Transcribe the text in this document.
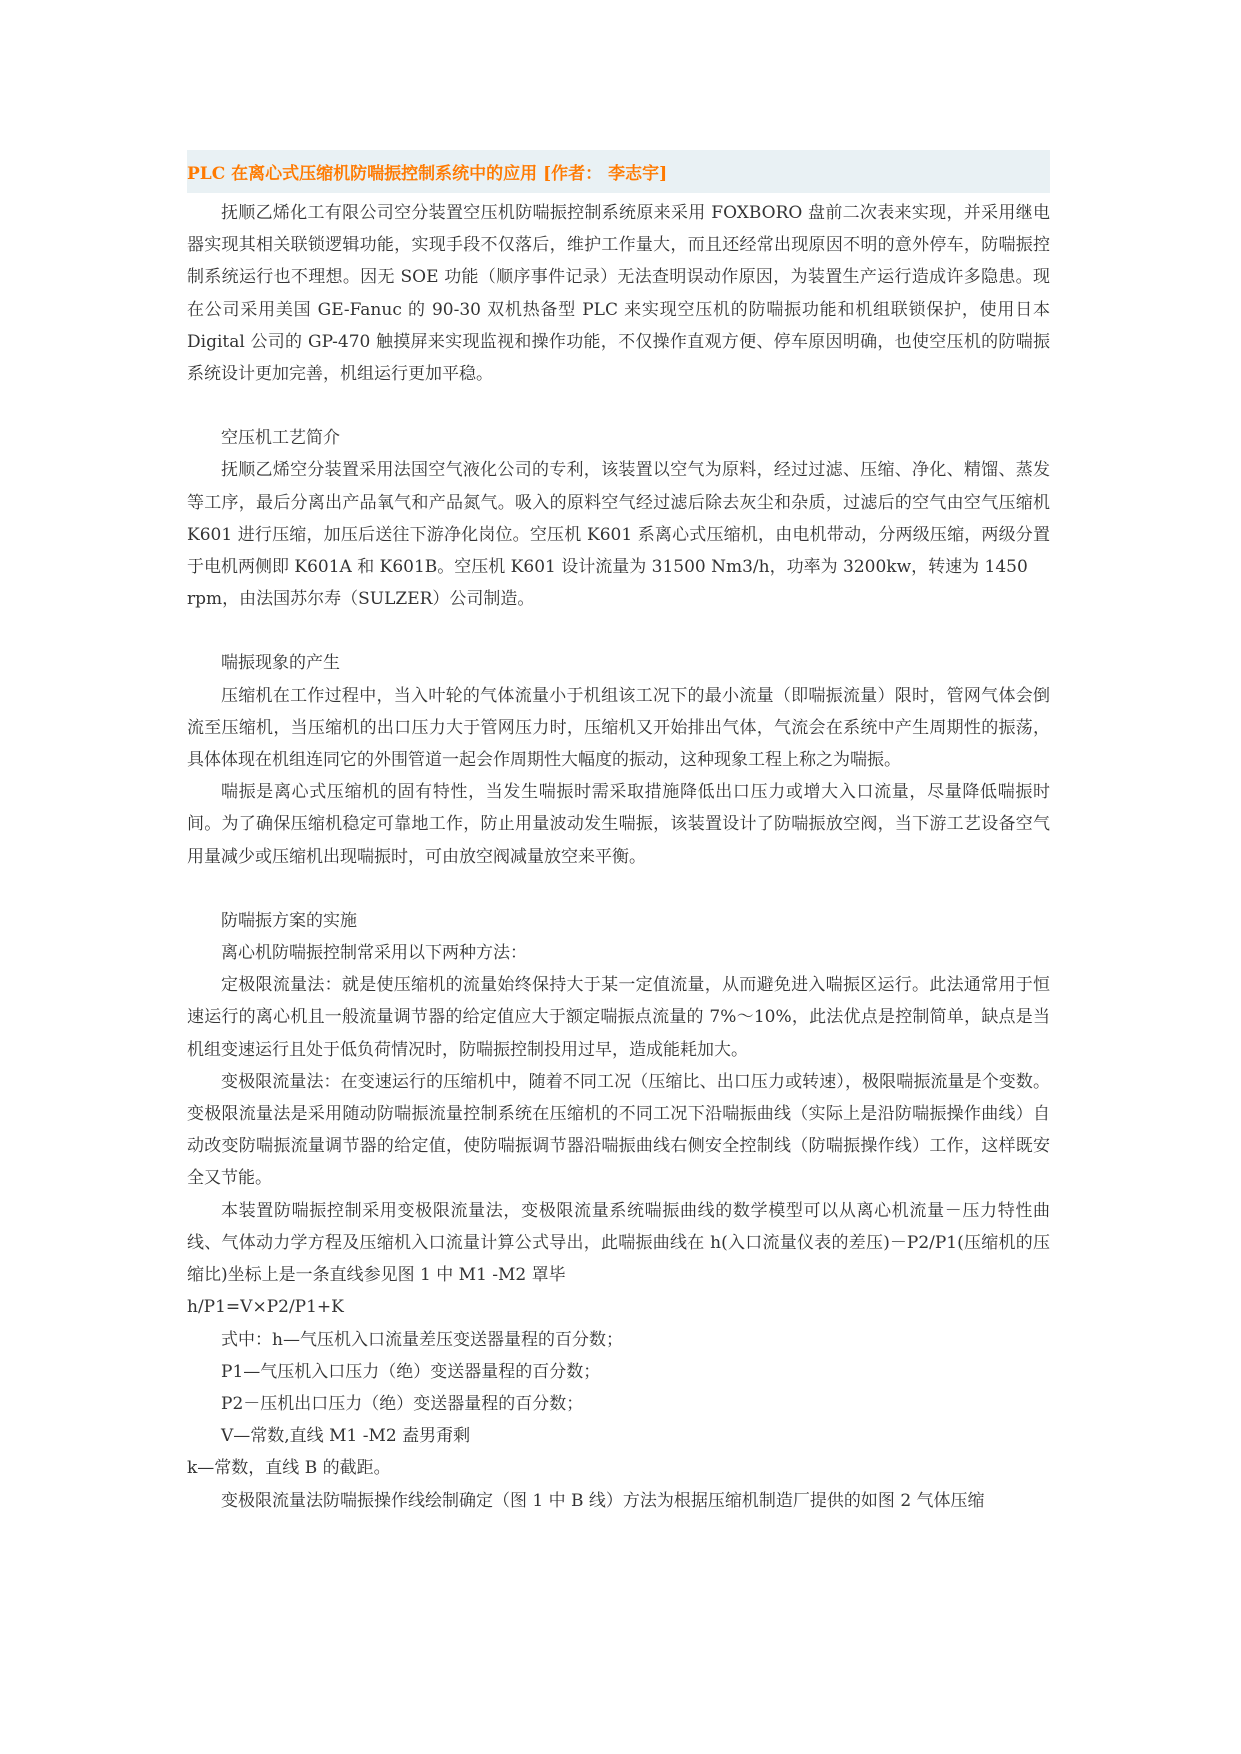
PLC 在离心式压缩机防喘振控制系统中的应用 [作者： 李志宇]

抚顺乙烯化工有限公司空分装置空压机防喘振控制系统原来采用 FOXBORO 盘前二次表来实现，并采用继电器实现其相关联锁逻辑功能，实现手段不仅落后，维护工作量大，而且还经常出现原因不明的意外停车，防喘振控制系统运行也不理想。因无 SOE 功能（顺序事件记录）无法查明误动作原因，为装置生产运行造成许多隐患。现在公司采用美国 GE-Fanuc 的 90-30 双机热备型 PLC 来实现空压机的防喘振功能和机组联锁保护，使用日本 Digital 公司的 GP-470 触摸屏来实现监视和操作功能，不仅操作直观方便、停车原因明确，也使空压机的防喘振系统设计更加完善，机组运行更加平稳。

空压机工艺简介

抚顺乙烯空分装置采用法国空气液化公司的专利，该装置以空气为原料，经过过滤、压缩、净化、精馏、蒸发等工序，最后分离出产品氧气和产品氮气。吸入的原料空气经过滤后除去灰尘和杂质，过滤后的空气由空气压缩机 K601 进行压缩，加压后送往下游净化岗位。空压机 K601 系离心式压缩机，由电机带动，分两级压缩，两级分置于电机两侧即 K601A 和 K601B。空压机 K601 设计流量为 31500 Nm3/h，功率为 3200kw，转速为 1450

rpm，由法国苏尔寿（SULZER）公司制造。

喘振现象的产生

压缩机在工作过程中，当入叶轮的气体流量小于机组该工况下的最小流量（即喘振流量）限时，管网气体会倒流至压缩机，当压缩机的出口压力大于管网压力时，压缩机又开始排出气体，气流会在系统中产生周期性的振荡，具体体现在机组连同它的外围管道一起会作周期性大幅度的振动，这种现象工程上称之为喘振。

喘振是离心式压缩机的固有特性，当发生喘振时需采取措施降低出口压力或增大入口流量，尽量降低喘振时间。为了确保压缩机稳定可靠地工作，防止用量波动发生喘振，该装置设计了防喘振放空阀，当下游工艺设备空气用量减少或压缩机出现喘振时，可由放空阀减量放空来平衡。

防喘振方案的实施

离心机防喘振控制常采用以下两种方法：

定极限流量法：就是使压缩机的流量始终保持大于某一定值流量，从而避免进入喘振区运行。此法通常用于恒速运行的离心机且一般流量调节器的给定值应大于额定喘振点流量的 7%～10%，此法优点是控制简单，缺点是当机组变速运行且处于低负荷情况时，防喘振控制投用过早，造成能耗加大。

变极限流量法：在变速运行的压缩机中，随着不同工况（压缩比、出口压力或转速），极限喘振流量是个变数。变极限流量法是采用随动防喘振流量控制系统在压缩机的不同工况下沿喘振曲线（实际上是沿防喘振操作曲线）自动改变防喘振流量调节器的给定值，使防喘振调节器沿喘振曲线右侧安全控制线（防喘振操作线）工作，这样既安全又节能。

本装置防喘振控制采用变极限流量法，变极限流量系统喘振曲线的数学模型可以从离心机流量－压力特性曲线、气体动力学方程及压缩机入口流量计算公式导出，此喘振曲线在 h(入口流量仪表的差压)－P2/P1(压缩机的压缩比)坐标上是一条直线参见图 1 中 M1 -M2 罩毕

h/P1=V×P2/P1+K

式中：h—气压机入口流量差压变送器量程的百分数；

P1—气压机入口压力（绝）变送器量程的百分数；

P2－压机出口压力（绝）变送器量程的百分数；

V—常数,直线 M1 -M2 盍男甭剩

k—常数，直线 B 的截距。

变极限流量法防喘振操作线绘制确定（图 1 中 B 线）方法为根据压缩机制造厂提供的如图 2 气体压缩
